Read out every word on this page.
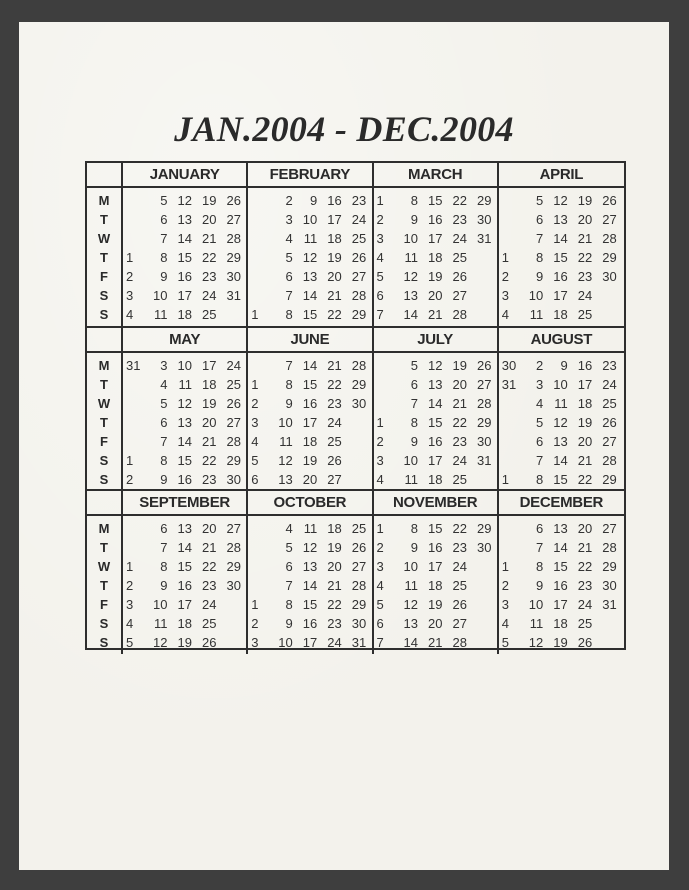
JAN.2004 - DEC.2004
M
T
W
T
F
S
S
JANUARY
1
2
3
4
5
6
7
8
9
10
11
12
13
14
15
16
17
18
19
20
21
22
23
24
25
26
27
28
29
30
31
FEBRUARY
1
2
3
4
5
6
7
8
9
10
11
12
13
14
15
16
17
18
19
20
21
22
23
24
25
26
27
28
29
MARCH
1
2
3
4
5
6
7
8
9
10
11
12
13
14
15
16
17
18
19
20
21
22
23
24
25
26
27
28
29
30
31
APRIL
1
2
3
4
5
6
7
8
9
10
11
12
13
14
15
16
17
18
19
20
21
22
23
24
25
26
27
28
29
30
M
T
W
T
F
S
S
MAY
31
1
2
3
4
5
6
7
8
9
10
11
12
13
14
15
16
17
18
19
20
21
22
23
24
25
26
27
28
29
30
JUNE
1
2
3
4
5
6
7
8
9
10
11
12
13
14
15
16
17
18
19
20
21
22
23
24
25
26
27
28
29
30
JULY
1
2
3
4
5
6
7
8
9
10
11
12
13
14
15
16
17
18
19
20
21
22
23
24
25
26
27
28
29
30
31
AUGUST
30
31
1
2
3
4
5
6
7
8
9
10
11
12
13
14
15
16
17
18
19
20
21
22
23
24
25
26
27
28
29
M
T
W
T
F
S
S
SEPTEMBER
1
2
3
4
5
6
7
8
9
10
11
12
13
14
15
16
17
18
19
20
21
22
23
24
25
26
27
28
29
30
OCTOBER
1
2
3
4
5
6
7
8
9
10
11
12
13
14
15
16
17
18
19
20
21
22
23
24
25
26
27
28
29
30
31
NOVEMBER
1
2
3
4
5
6
7
8
9
10
11
12
13
14
15
16
17
18
19
20
21
22
23
24
25
26
27
28
29
30
DECEMBER
1
2
3
4
5
6
7
8
9
10
11
12
13
14
15
16
17
18
19
20
21
22
23
24
25
26
27
28
29
30
31
